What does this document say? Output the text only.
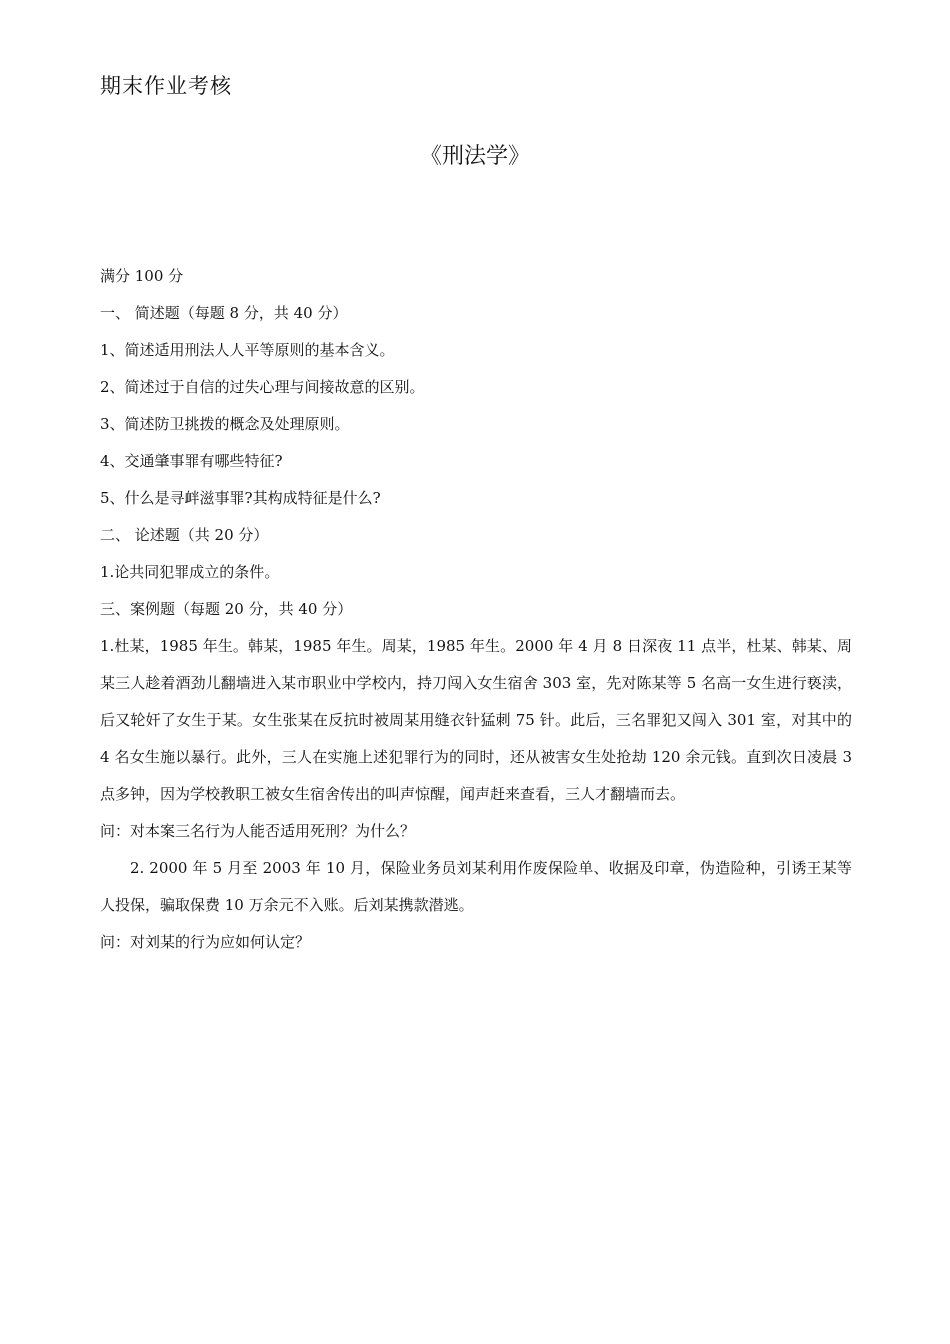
期末作业考核
《刑法学》
满分 100 分
一、 简述题（每题 8 分，共 40 分）
1、简述适用刑法人人平等原则的基本含义。
2、简述过于自信的过失心理与间接故意的区别。
3、简述防卫挑拨的概念及处理原则。
4、交通肇事罪有哪些特征?
5、什么是寻衅滋事罪?其构成特征是什么?
二、 论述题（共 20 分）
1.论共同犯罪成立的条件。
三、案例题（每题 20 分，共 40 分）
1.杜某，1985 年生。韩某，1985 年生。周某，1985 年生。2000 年 4 月 8 日深夜 11 点半，杜某、韩某、周某三人趁着酒劲儿翻墙进入某市职业中学校内，持刀闯入女生宿舍 303 室，先对陈某等 5 名高一女生进行亵渎，后又轮奸了女生于某。女生张某在反抗时被周某用缝衣针猛刺 75 针。此后，三名罪犯又闯入 301 室，对其中的 4 名女生施以暴行。此外，三人在实施上述犯罪行为的同时，还从被害女生处抢劫 120 余元钱。直到次日凌晨 3 点多钟，因为学校教职工被女生宿舍传出的叫声惊醒，闻声赶来查看，三人才翻墙而去。
问：对本案三名行为人能否适用死刑？为什么？
2. 2000 年 5 月至 2003 年 10 月，保险业务员刘某利用作废保险单、收据及印章，伪造险种，引诱王某等人投保，骗取保费 10 万余元不入账。后刘某携款潜逃。
问：对刘某的行为应如何认定？
